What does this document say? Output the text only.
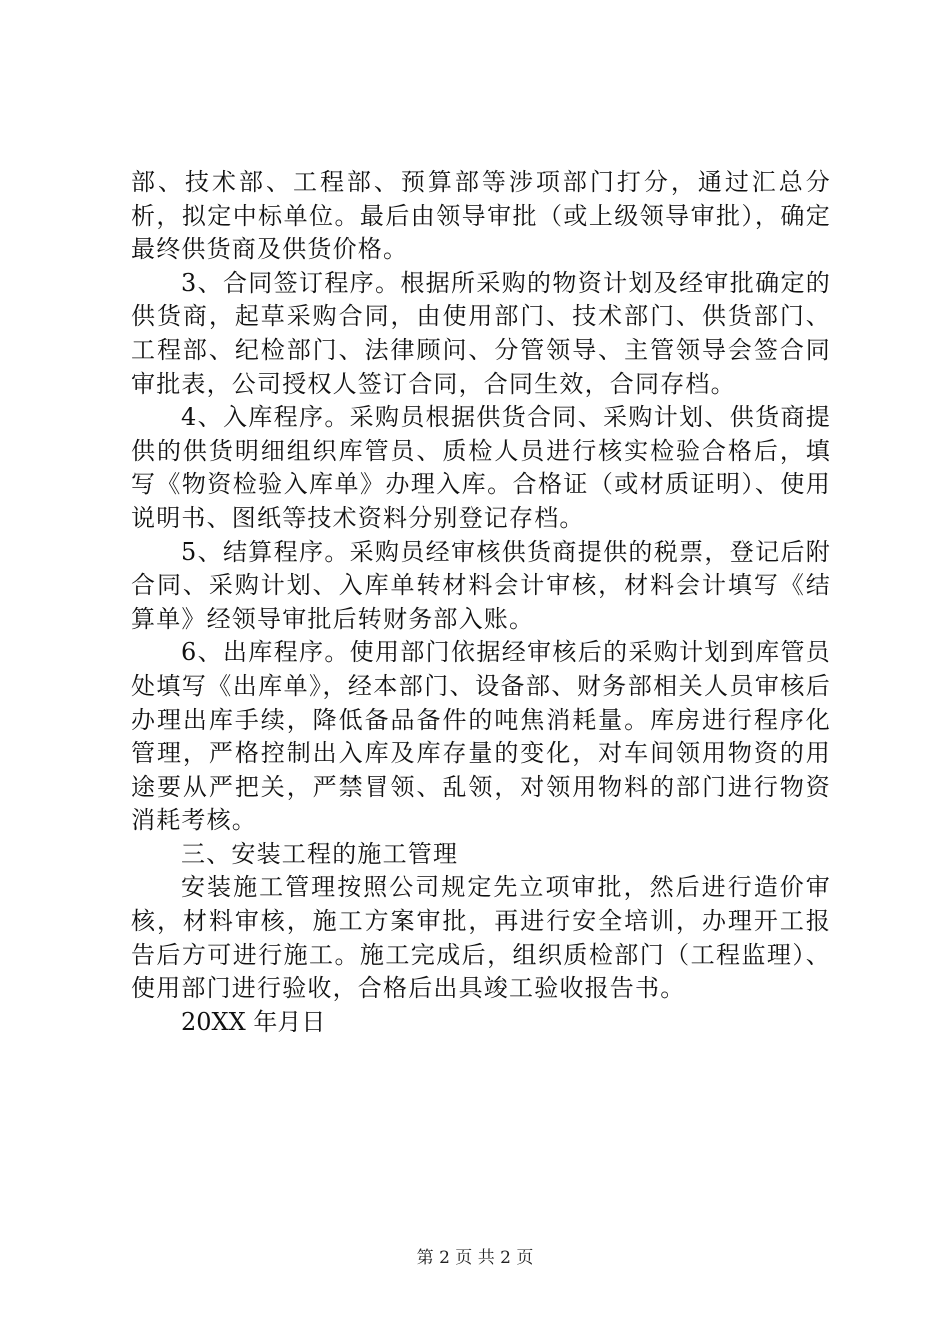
部、技术部、工程部、预算部等涉项部门打分，通过汇总分析，拟定中标单位。最后由领导审批（或上级领导审批），确定最终供货商及供货价格。

3、合同签订程序。根据所采购的物资计划及经审批确定的供货商，起草采购合同，由使用部门、技术部门、供货部门、工程部、纪检部门、法律顾问、分管领导、主管领导会签合同审批表，公司授权人签订合同，合同生效，合同存档。

4、入库程序。采购员根据供货合同、采购计划、供货商提供的供货明细组织库管员、质检人员进行核实检验合格后，填写《物资检验入库单》办理入库。合格证（或材质证明）、使用说明书、图纸等技术资料分别登记存档。

5、结算程序。采购员经审核供货商提供的税票，登记后附合同、采购计划、入库单转材料会计审核，材料会计填写《结算单》经领导审批后转财务部入账。

6、出库程序。使用部门依据经审核后的采购计划到库管员处填写《出库单》，经本部门、设备部、财务部相关人员审核后办理出库手续，降低备品备件的吨焦消耗量。库房进行程序化管理，严格控制出入库及库存量的变化，对车间领用物资的用途要从严把关，严禁冒领、乱领，对领用物料的部门进行物资消耗考核。

三、安装工程的施工管理

安装施工管理按照公司规定先立项审批，然后进行造价审核，材料审核，施工方案审批，再进行安全培训，办理开工报告后方可进行施工。施工完成后，组织质检部门（工程监理）、使用部门进行验收，合格后出具竣工验收报告书。

20XX 年月日

第 2 页 共 2 页
